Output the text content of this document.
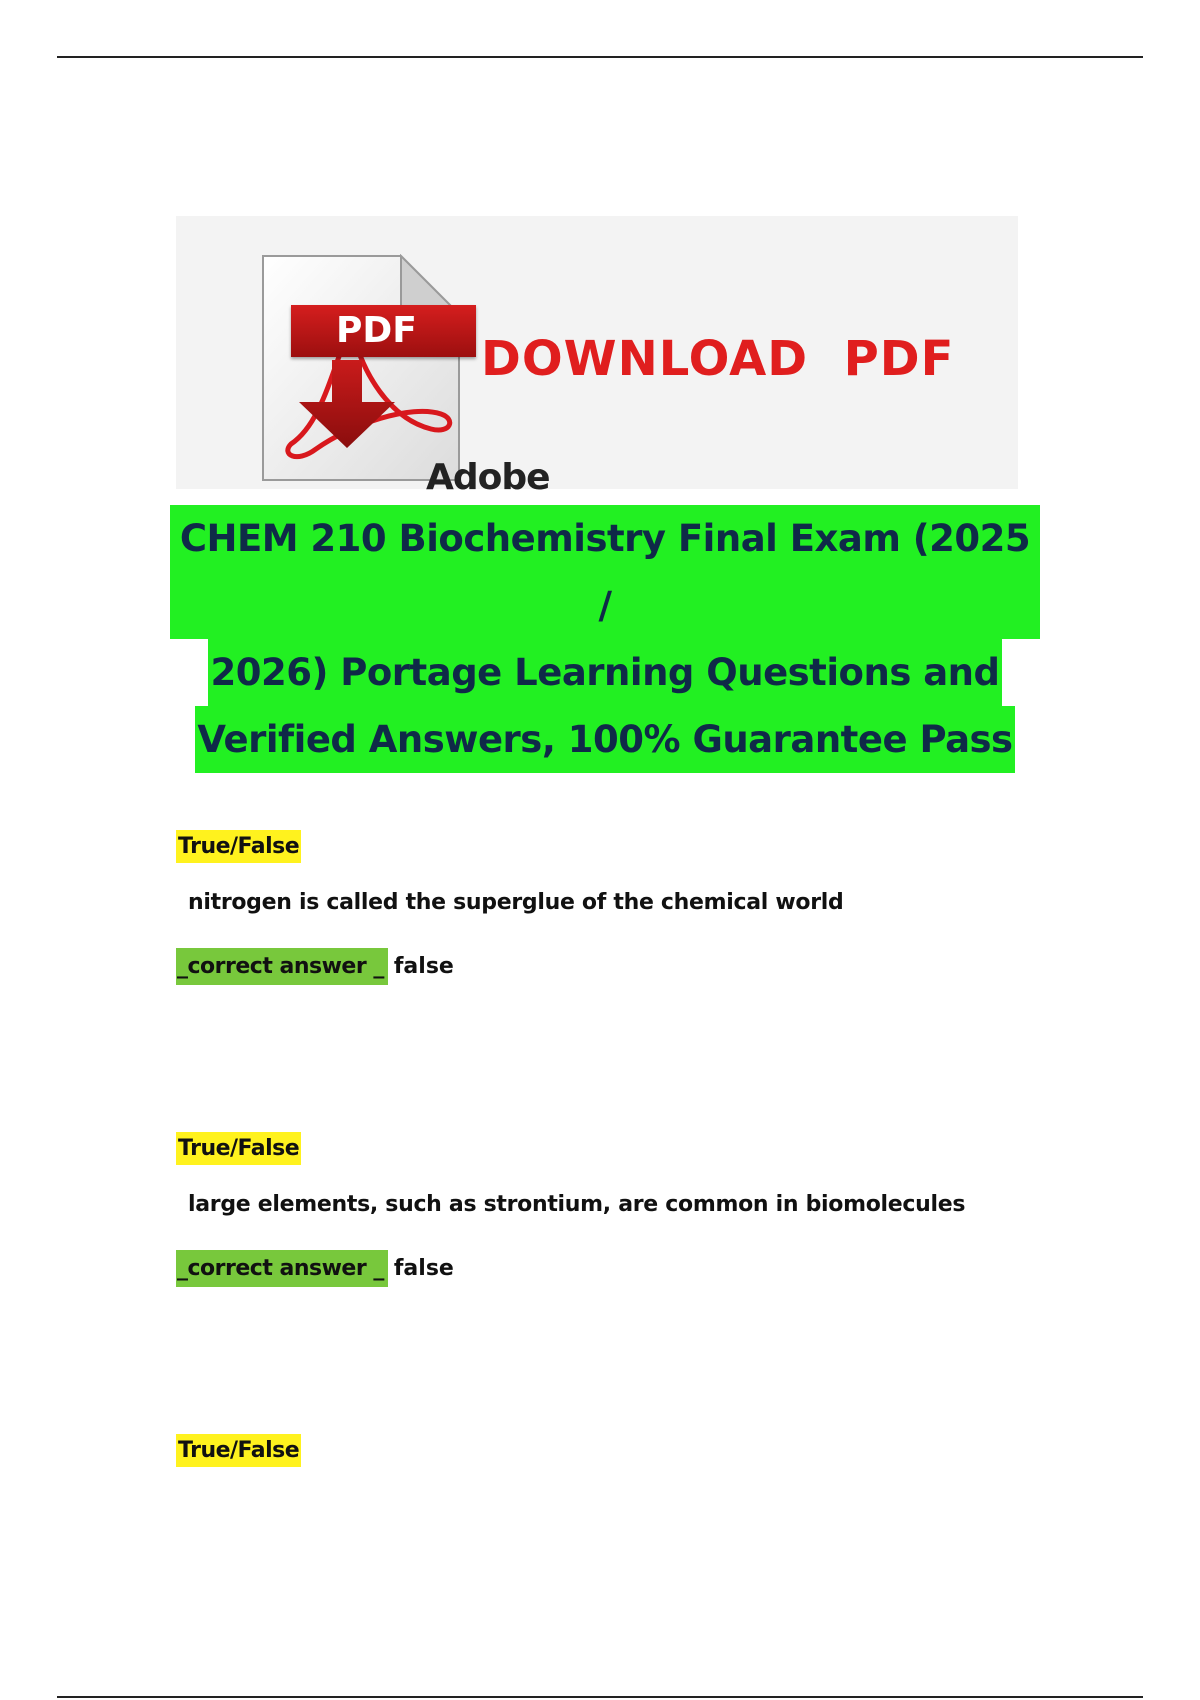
PDF
Adobe
DOWNLOAD  PDF
CHEM 210 Biochemistry Final Exam (2025 /
2026) Portage Learning Questions and
Verified Answers, 100% Guarantee Pass
True/False
nitrogen is called the superglue of the chemical world
_correct answer _ false
True/False
large elements, such as strontium, are common in biomolecules
_correct answer _ false
True/False
